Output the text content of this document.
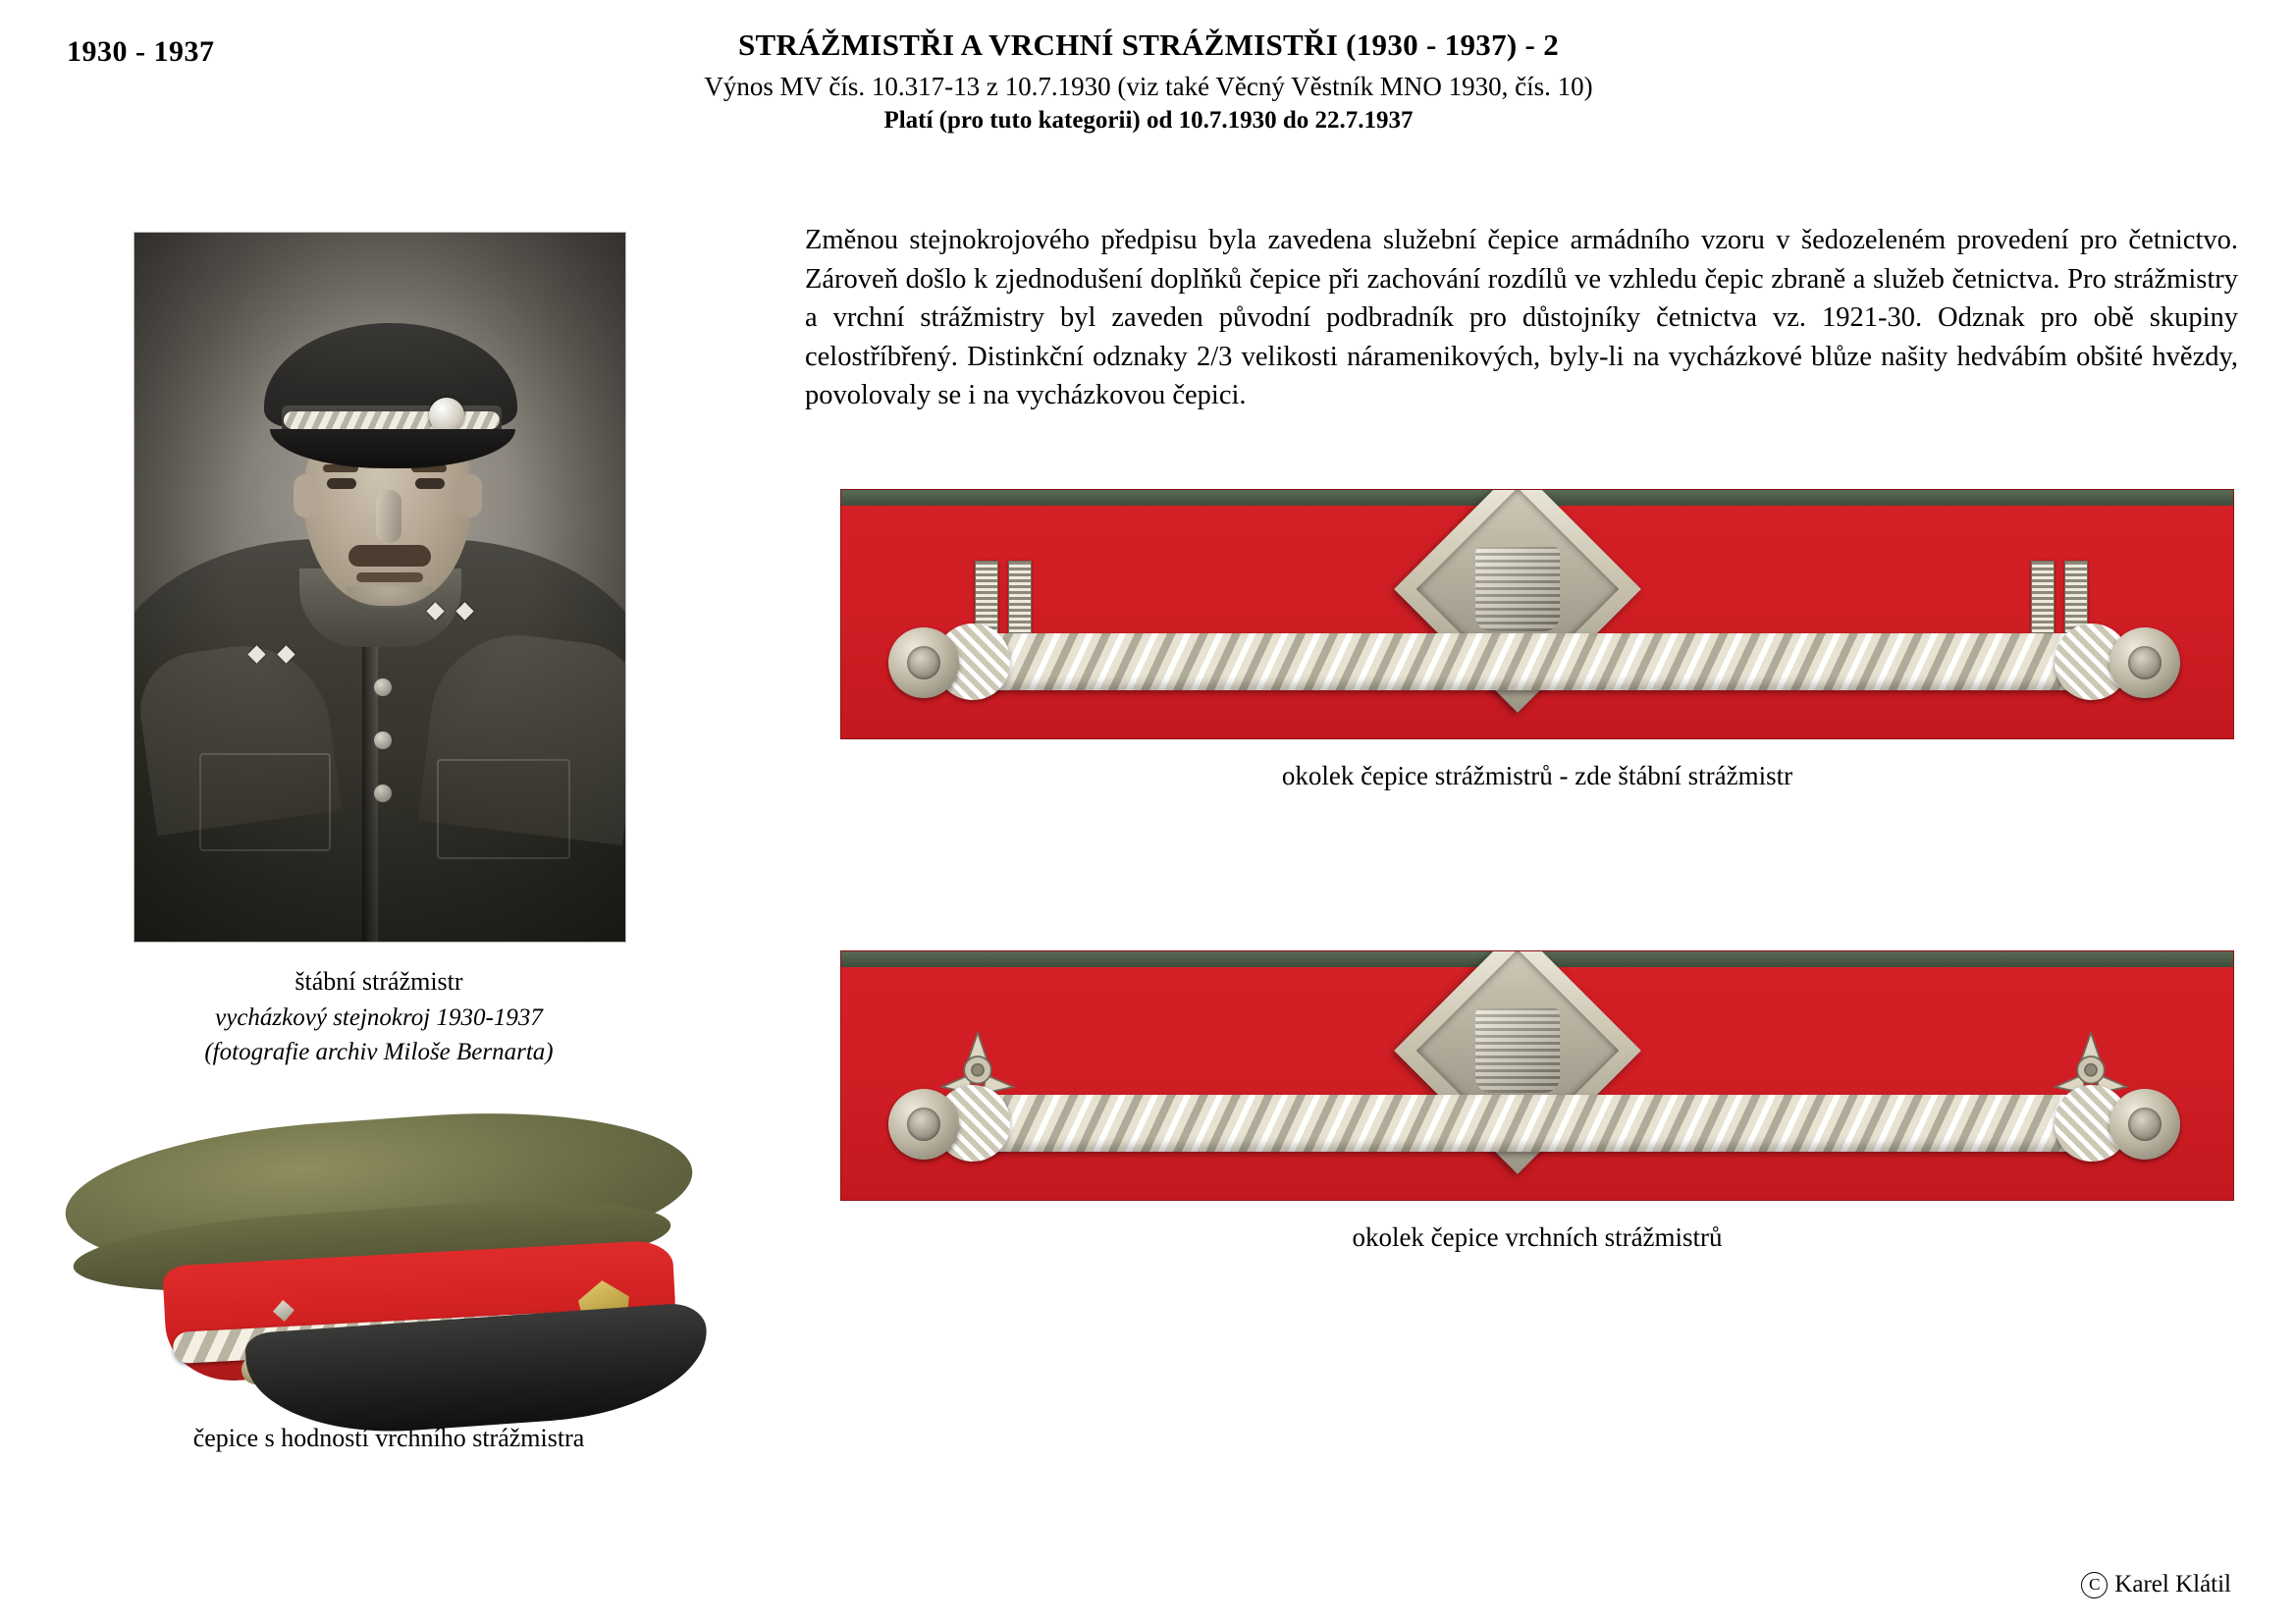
1930 - 1937	STRÁŽMISTŘI A VRCHNÍ STRÁŽMISTŘI (1930 - 1937) - 2
Výnos MV čís. 10.317-13 z 10.7.1930 (viz také Věcný Věstník MNO 1930, čís. 10)
Platí (pro tuto kategorii) od 10.7.1930 do 22.7.1937
štábní strážmistr
vycházkový stejnokroj 1930-1937
(fotografie archiv Miloše Bernarta)
čepice s hodností vrchního strážmistra

Změnou stejnokrojového předpisu byla zavedena služební čepice armádního vzoru v šedozeleném provedení pro četnictvo. Zároveň došlo k zjednodušení doplňků čepice při zachování rozdílů ve vzhledu čepic zbraně a služeb četnictva. Pro strážmistry a vrchní strážmistry byl zaveden původní podbradník pro důstojníky četnictva vz. 1921-30. Odznak pro obě skupiny celostříbřený. Distinkční odznaky 2/3 velikosti náramenikových, byly-li na vycházkové blůze našity hedvábím obšité hvězdy, povolovaly se i na vycházkovou čepici.

okolek čepice strážmistrů - zde štábní strážmistr
okolek čepice vrchních strážmistrů
C Karel Klátil
